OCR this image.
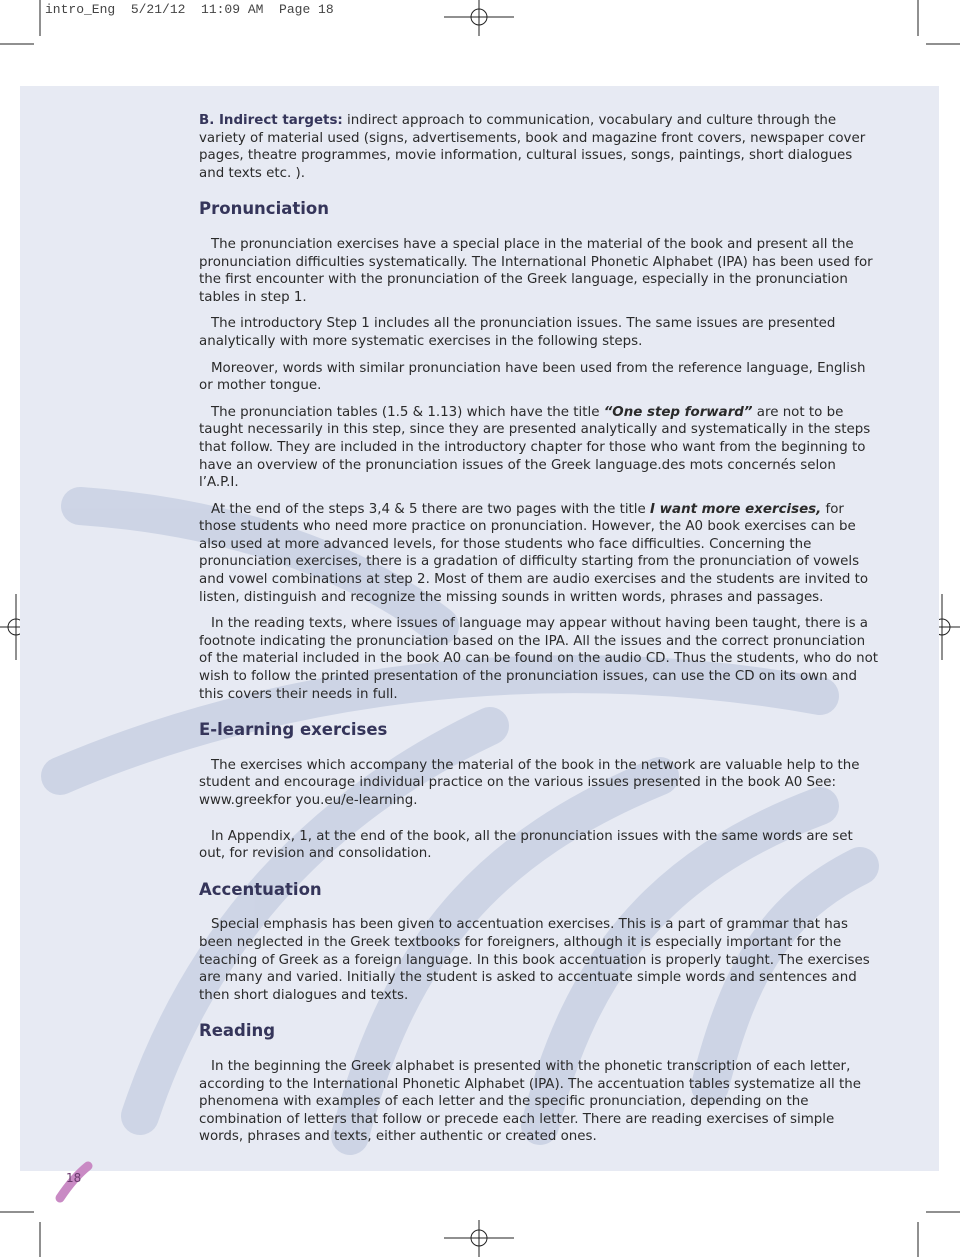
intro_Eng  5/21/12  11:09 AM  Page 18

B. Indirect targets: indirect approach to communication, vocabulary and culture through the variety of material used (signs, advertisements, book and magazine front covers, newspaper cover pages, theatre programmes, movie information, cultural issues, songs, paintings, short dialogues and texts etc. ).

Pronunciation

The pronunciation exercises have a special place in the material of the book and present all the pronunciation difficulties systematically. The International Phonetic Alphabet (IPA) has been used for the first encounter with the pronunciation of the Greek language, especially in the pronunciation tables in step 1.

The introductory Step 1 includes all the pronunciation issues. The same issues are presented analytically with more systematic exercises in the following steps.

Moreover, words with similar pronunciation have been used from the reference language, English or mother tongue.

The pronunciation tables (1.5 & 1.13) which have the title “One step forward” are not to be taught necessarily in this step, since they are presented analytically and systematically in the steps that follow. They are included in the introductory chapter for those who want from the beginning to have an overview of the pronunciation issues of the Greek language.des mots concernés selon l’A.P.I.

At the end of the steps 3,4 & 5 there are two pages with the title I want more exercises, for those students who need more practice on pronunciation. However, the A0 book exercises can be also used at more advanced levels, for those students who face difficulties. Concerning the pronunciation exercises, there is a gradation of difficulty starting from the pronunciation of vowels and vowel combinations at step 2. Most of them are audio exercises and the students are invited to listen, distinguish and recognize the missing sounds in written words, phrases and passages.

In the reading texts, where issues of language may appear without having been taught, there is a footnote indicating the pronunciation based on the IPA. All the issues and the correct pronunciation of the material included in the book A0 can be found on the audio CD. Thus the students, who do not wish to follow the printed presentation of the pronunciation issues, can use the CD on its own and this covers their needs in full.

E-learning exercises

The exercises which accompany the material of the book in the network are valuable help to the student and encourage individual practice on the various issues presented in the book A0 See: www.greekfor you.eu/e-learning.

In Appendix, 1, at the end of the book, all the pronunciation issues with the same words are set out, for revision and consolidation.

Accentuation

Special emphasis has been given to accentuation exercises. This is a part of grammar that has been neglected in the Greek textbooks for foreigners, although it is especially important for the teaching of Greek as a foreign language. In this book accentuation is properly taught. The exercises are many and varied. Initially the student is asked to accentuate simple words and sentences and then short dialogues and texts.

Reading

In the beginning the Greek alphabet is presented with the phonetic transcription of each letter, according to the International Phonetic Alphabet (IPA). The accentuation tables systematize all the phenomena with examples of each letter and the specific pronunciation, depending on the combination of letters that follow or precede each letter. There are reading exercises of simple words, phrases and texts, either authentic or created ones.

18
